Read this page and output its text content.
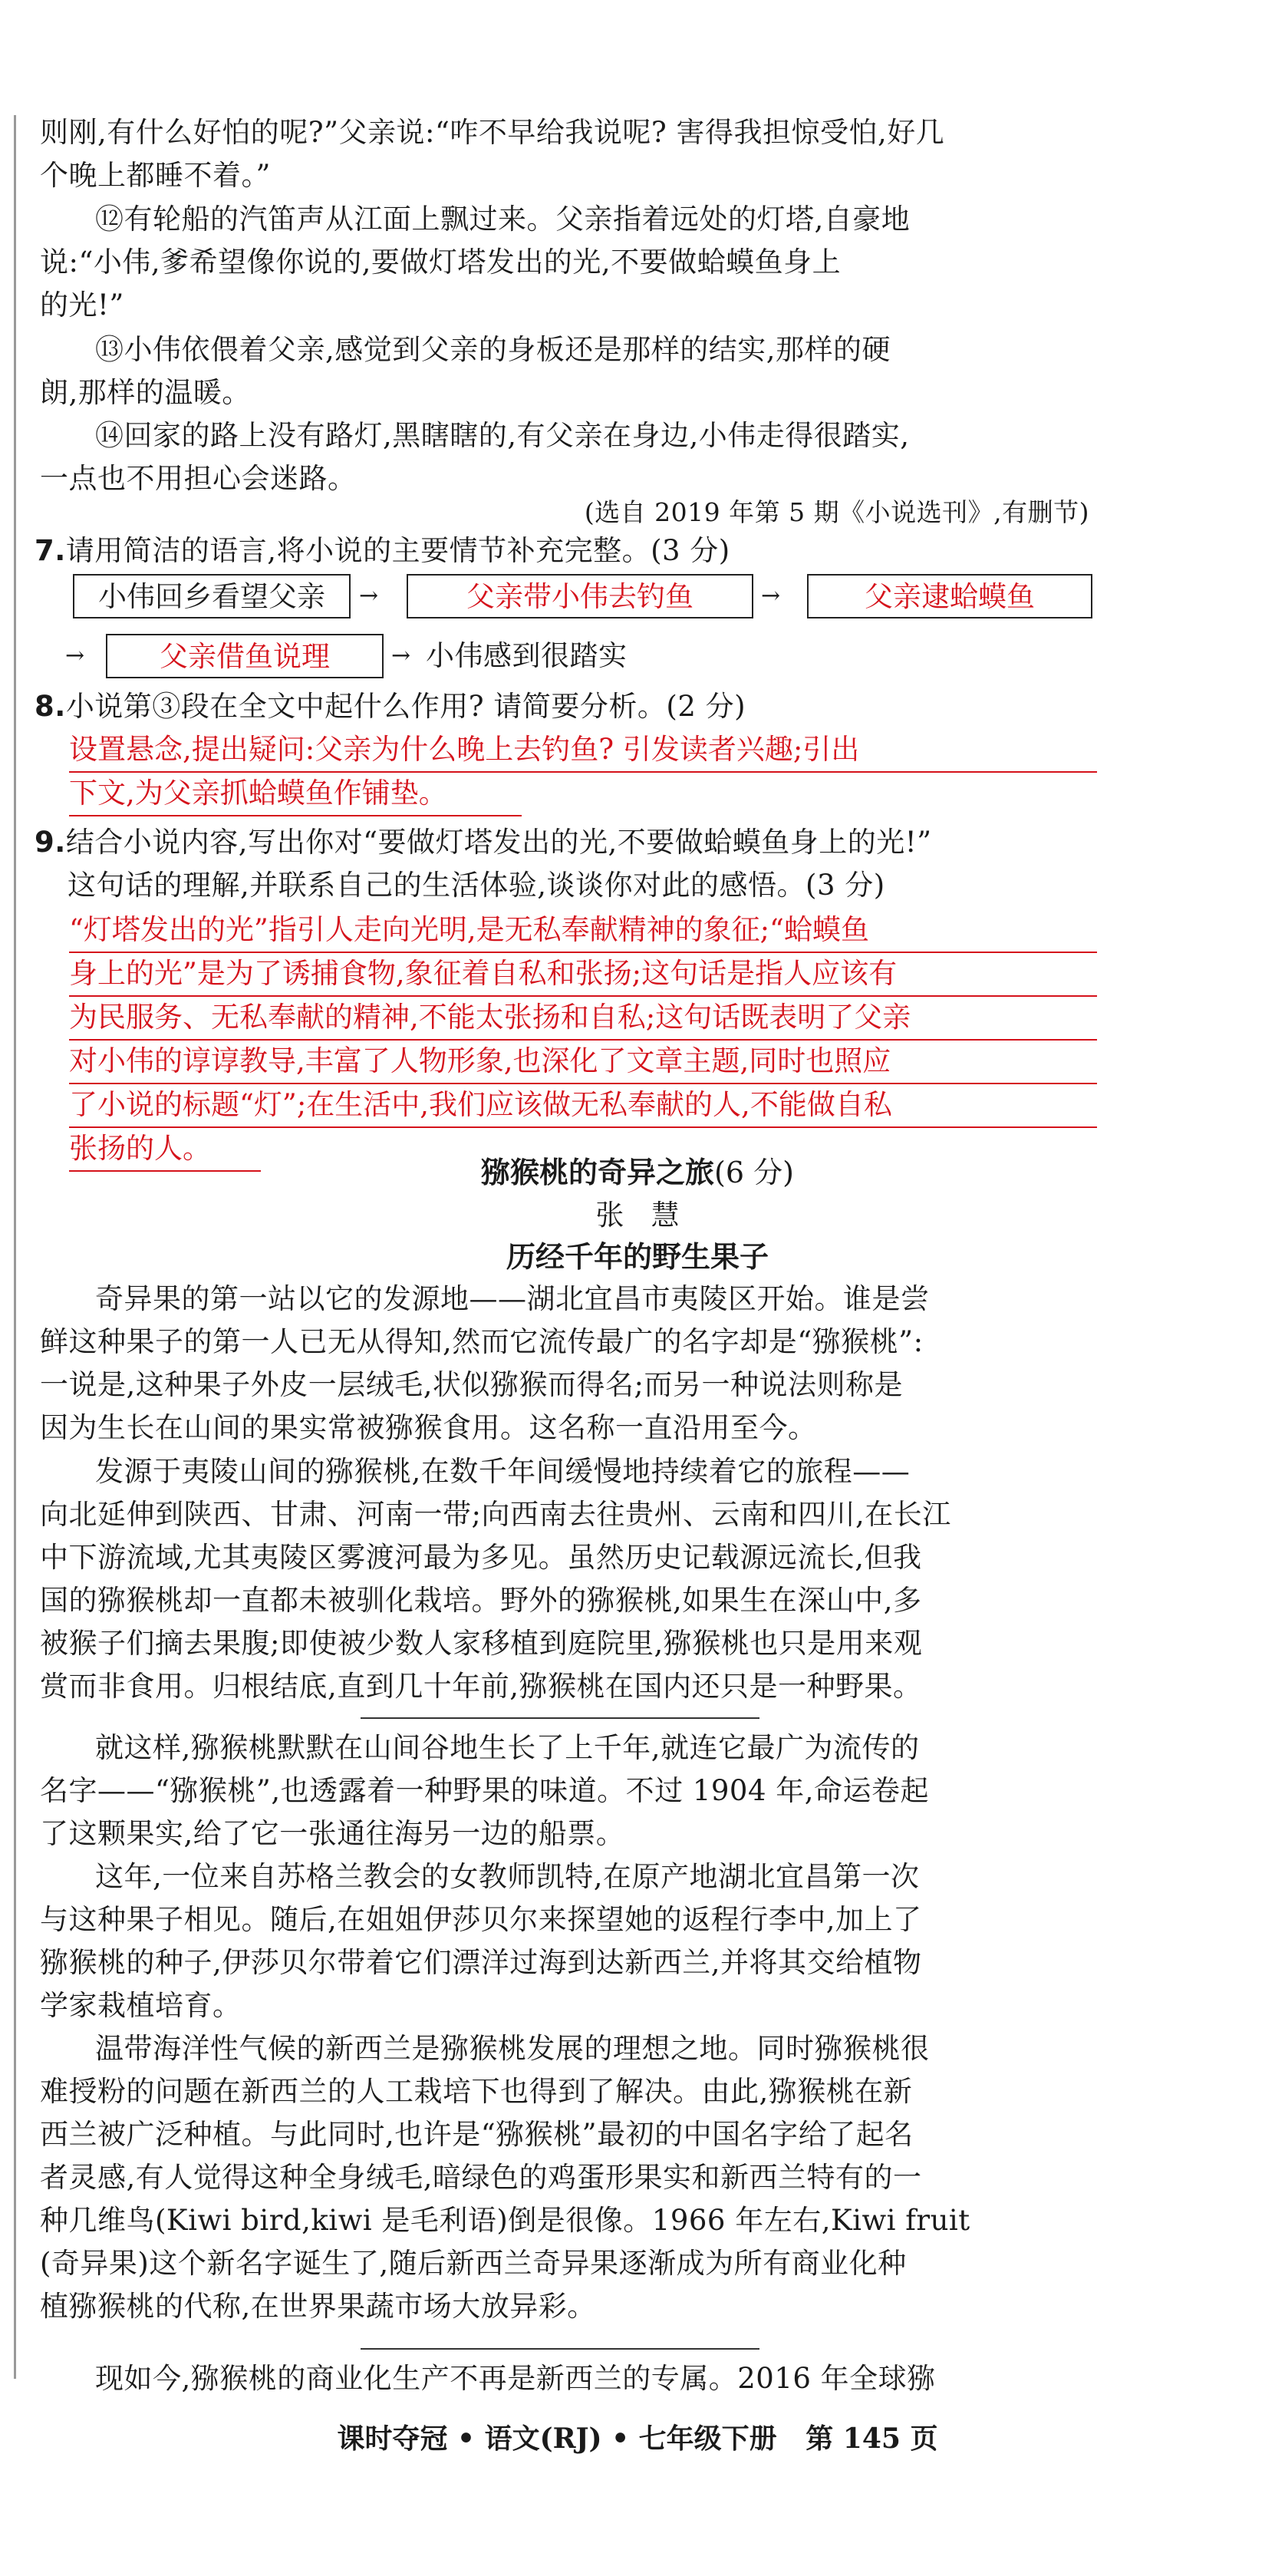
则刚,有什么好怕的呢?”父亲说:“咋不早给我说呢? 害得我担惊受怕,好几
个晚上都睡不着。”
⑫有轮船的汽笛声从江面上飘过来。父亲指着远处的灯塔,自豪地
说:“小伟,爹希望像你说的,要做灯塔发出的光,不要做蛤蟆鱼身上
的光!”
⑬小伟依偎着父亲,感觉到父亲的身板还是那样的结实,那样的硬
朗,那样的温暖。
⑭回家的路上没有路灯,黑瞎瞎的,有父亲在身边,小伟走得很踏实,
一点也不用担心会迷路。
(选自 2019 年第 5 期《小说选刊》,有删节)
7.请用简洁的语言,将小说的主要情节补充完整。(3 分)
小伟回乡看望父亲	→	父亲带小伟去钓鱼	→	父亲逮蛤蟆鱼
→	父亲借鱼说理	→ 小伟感到很踏实
8.小说第③段在全文中起什么作用? 请简要分析。(2 分)
设置悬念,提出疑问:父亲为什么晚上去钓鱼? 引发读者兴趣;引出
下文,为父亲抓蛤蟆鱼作铺垫。
9.结合小说内容,写出你对“要做灯塔发出的光,不要做蛤蟆鱼身上的光!”
这句话的理解,并联系自己的生活体验,谈谈你对此的感悟。(3 分)
“灯塔发出的光”指引人走向光明,是无私奉献精神的象征;“蛤蟆鱼
身上的光”是为了诱捕食物,象征着自私和张扬;这句话是指人应该有
为民服务、无私奉献的精神,不能太张扬和自私;这句话既表明了父亲
对小伟的谆谆教导,丰富了人物形象,也深化了文章主题,同时也照应
了小说的标题“灯”;在生活中,我们应该做无私奉献的人,不能做自私
张扬的人。
猕猴桃的奇异之旅(6 分)
张   慧
历经千年的野生果子
奇异果的第一站以它的发源地——湖北宜昌市夷陵区开始。谁是尝
鲜这种果子的第一人已无从得知,然而它流传最广的名字却是“猕猴桃”:
一说是,这种果子外皮一层绒毛,状似猕猴而得名;而另一种说法则称是
因为生长在山间的果实常被猕猴食用。这名称一直沿用至今。
发源于夷陵山间的猕猴桃,在数千年间缓慢地持续着它的旅程——
向北延伸到陕西、甘肃、河南一带;向西南去往贵州、云南和四川,在长江
中下游流域,尤其夷陵区雾渡河最为多见。虽然历史记载源远流长,但我
国的猕猴桃却一直都未被驯化栽培。野外的猕猴桃,如果生在深山中,多
被猴子们摘去果腹;即使被少数人家移植到庭院里,猕猴桃也只是用来观
赏而非食用。归根结底,直到几十年前,猕猴桃在国内还只是一种野果。
就这样,猕猴桃默默在山间谷地生长了上千年,就连它最广为流传的
名字——“猕猴桃”,也透露着一种野果的味道。不过 1904 年,命运卷起
了这颗果实,给了它一张通往海另一边的船票。
这年,一位来自苏格兰教会的女教师凯特,在原产地湖北宜昌第一次
与这种果子相见。随后,在姐姐伊莎贝尔来探望她的返程行李中,加上了
猕猴桃的种子,伊莎贝尔带着它们漂洋过海到达新西兰,并将其交给植物
学家栽植培育。
温带海洋性气候的新西兰是猕猴桃发展的理想之地。同时猕猴桃很
难授粉的问题在新西兰的人工栽培下也得到了解决。由此,猕猴桃在新
西兰被广泛种植。与此同时,也许是“猕猴桃”最初的中国名字给了起名
者灵感,有人觉得这种全身绒毛,暗绿色的鸡蛋形果实和新西兰特有的一
种几维鸟(Kiwi bird,kiwi 是毛利语)倒是很像。1966 年左右,Kiwi fruit
(奇异果)这个新名字诞生了,随后新西兰奇异果逐渐成为所有商业化种
植猕猴桃的代称,在世界果蔬市场大放异彩。
现如今,猕猴桃的商业化生产不再是新西兰的专属。2016 年全球猕
课时夺冠 • 语文(RJ) • 七年级下册   第 145 页
